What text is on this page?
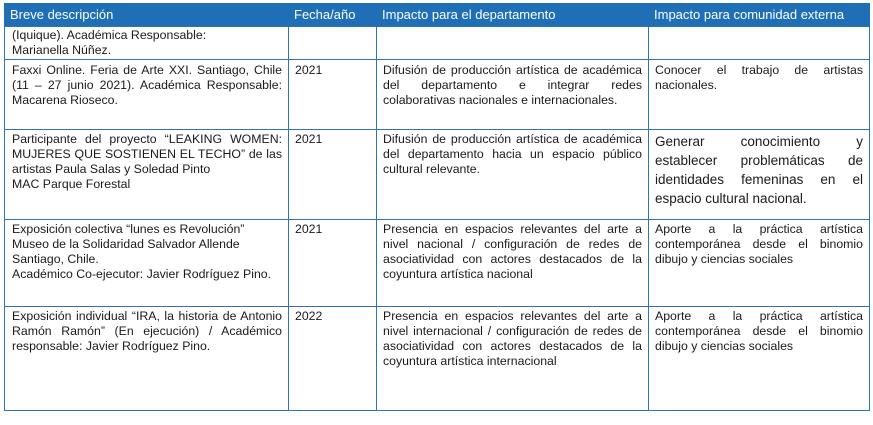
Breve descripción	Fecha/año	Impacto para el departamento	Impacto para comunidad externa

(Iquique). Académica Responsable:
Marianella Núñez.			

Faxxi Online. Feria de Arte XXI. Santiago, Chile (11 – 27 junio 2021). Académica Responsable: Macarena Rioseco.	2021	Difusión de producción artística de académica del departamento e integrar redes colaborativas nacionales e internacionales.	Conocer el trabajo de artistas nacionales.

Participante del proyecto “LEAKING WOMEN: MUJERES QUE SOSTIENEN EL TECHO” de las artistas Paula Salas y Soledad Pinto
MAC Parque Forestal	2021	Difusión de producción artística de académica del departamento hacia un espacio público cultural relevante.	Generar conocimiento y establecer problemáticas de identidades femeninas en el espacio cultural nacional.

Exposición colectiva “lunes es Revolución”
Museo de la Solidaridad Salvador Allende
Santiago, Chile.
Académico Co-ejecutor: Javier Rodríguez Pino.	2021	Presencia en espacios relevantes del arte a nivel nacional / configuración de redes de asociatividad con actores destacados de la coyuntura artística nacional	Aporte a la práctica artística contemporánea desde el binomio dibujo y ciencias sociales

Exposición individual “IRA, la historia de Antonio Ramón Ramón” (En ejecución) / Académico responsable: Javier Rodríguez Pino.	2022	Presencia en espacios relevantes del arte a nivel internacional / configuración de redes de asociatividad con actores destacados de la coyuntura artística internacional	Aporte a la práctica artística contemporánea desde el binomio dibujo y ciencias sociales
